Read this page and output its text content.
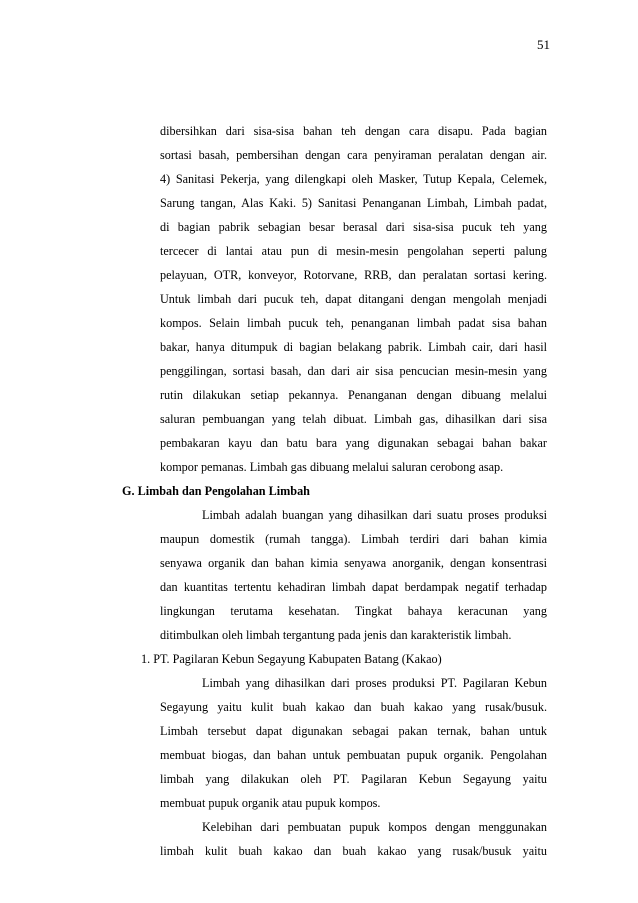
51
dibersihkan dari sisa-sisa bahan teh dengan cara disapu. Pada bagian
sortasi basah, pembersihan dengan cara penyiraman peralatan dengan air.
4) Sanitasi Pekerja, yang dilengkapi oleh Masker, Tutup Kepala, Celemek,
Sarung tangan, Alas Kaki. 5) Sanitasi Penanganan Limbah, Limbah padat,
di bagian pabrik sebagian besar berasal dari sisa-sisa pucuk teh yang
tercecer di lantai atau pun di mesin-mesin pengolahan seperti palung
pelayuan, OTR, konveyor, Rotorvane, RRB, dan peralatan sortasi kering.
Untuk limbah dari pucuk teh, dapat ditangani dengan mengolah menjadi
kompos. Selain limbah pucuk teh, penanganan limbah padat sisa bahan
bakar, hanya ditumpuk di bagian belakang pabrik. Limbah cair, dari hasil
penggilingan, sortasi basah, dan dari air sisa pencucian mesin-mesin yang
rutin dilakukan setiap pekannya. Penanganan dengan dibuang melalui
saluran pembuangan yang telah dibuat. Limbah gas, dihasilkan dari sisa
pembakaran kayu dan batu bara yang digunakan sebagai bahan bakar
kompor pemanas. Limbah gas dibuang melalui saluran cerobong asap.
G. Limbah dan Pengolahan Limbah
Limbah adalah buangan yang dihasilkan dari suatu proses produksi
maupun domestik (rumah tangga). Limbah terdiri dari bahan kimia
senyawa organik dan bahan kimia senyawa anorganik, dengan konsentrasi
dan kuantitas tertentu kehadiran limbah dapat berdampak negatif terhadap
lingkungan terutama kesehatan. Tingkat bahaya keracunan yang
ditimbulkan oleh limbah tergantung pada jenis dan karakteristik limbah.
1. PT. Pagilaran Kebun Segayung Kabupaten Batang (Kakao)
Limbah yang dihasilkan dari proses produksi PT. Pagilaran Kebun
Segayung yaitu kulit buah kakao dan buah kakao yang rusak/busuk.
Limbah tersebut dapat digunakan sebagai pakan ternak, bahan untuk
membuat biogas, dan bahan untuk pembuatan pupuk organik. Pengolahan
limbah yang dilakukan oleh PT. Pagilaran Kebun Segayung yaitu
membuat pupuk organik atau pupuk kompos.
Kelebihan dari pembuatan pupuk kompos dengan menggunakan
limbah kulit buah kakao dan buah kakao yang rusak/busuk yaitu
